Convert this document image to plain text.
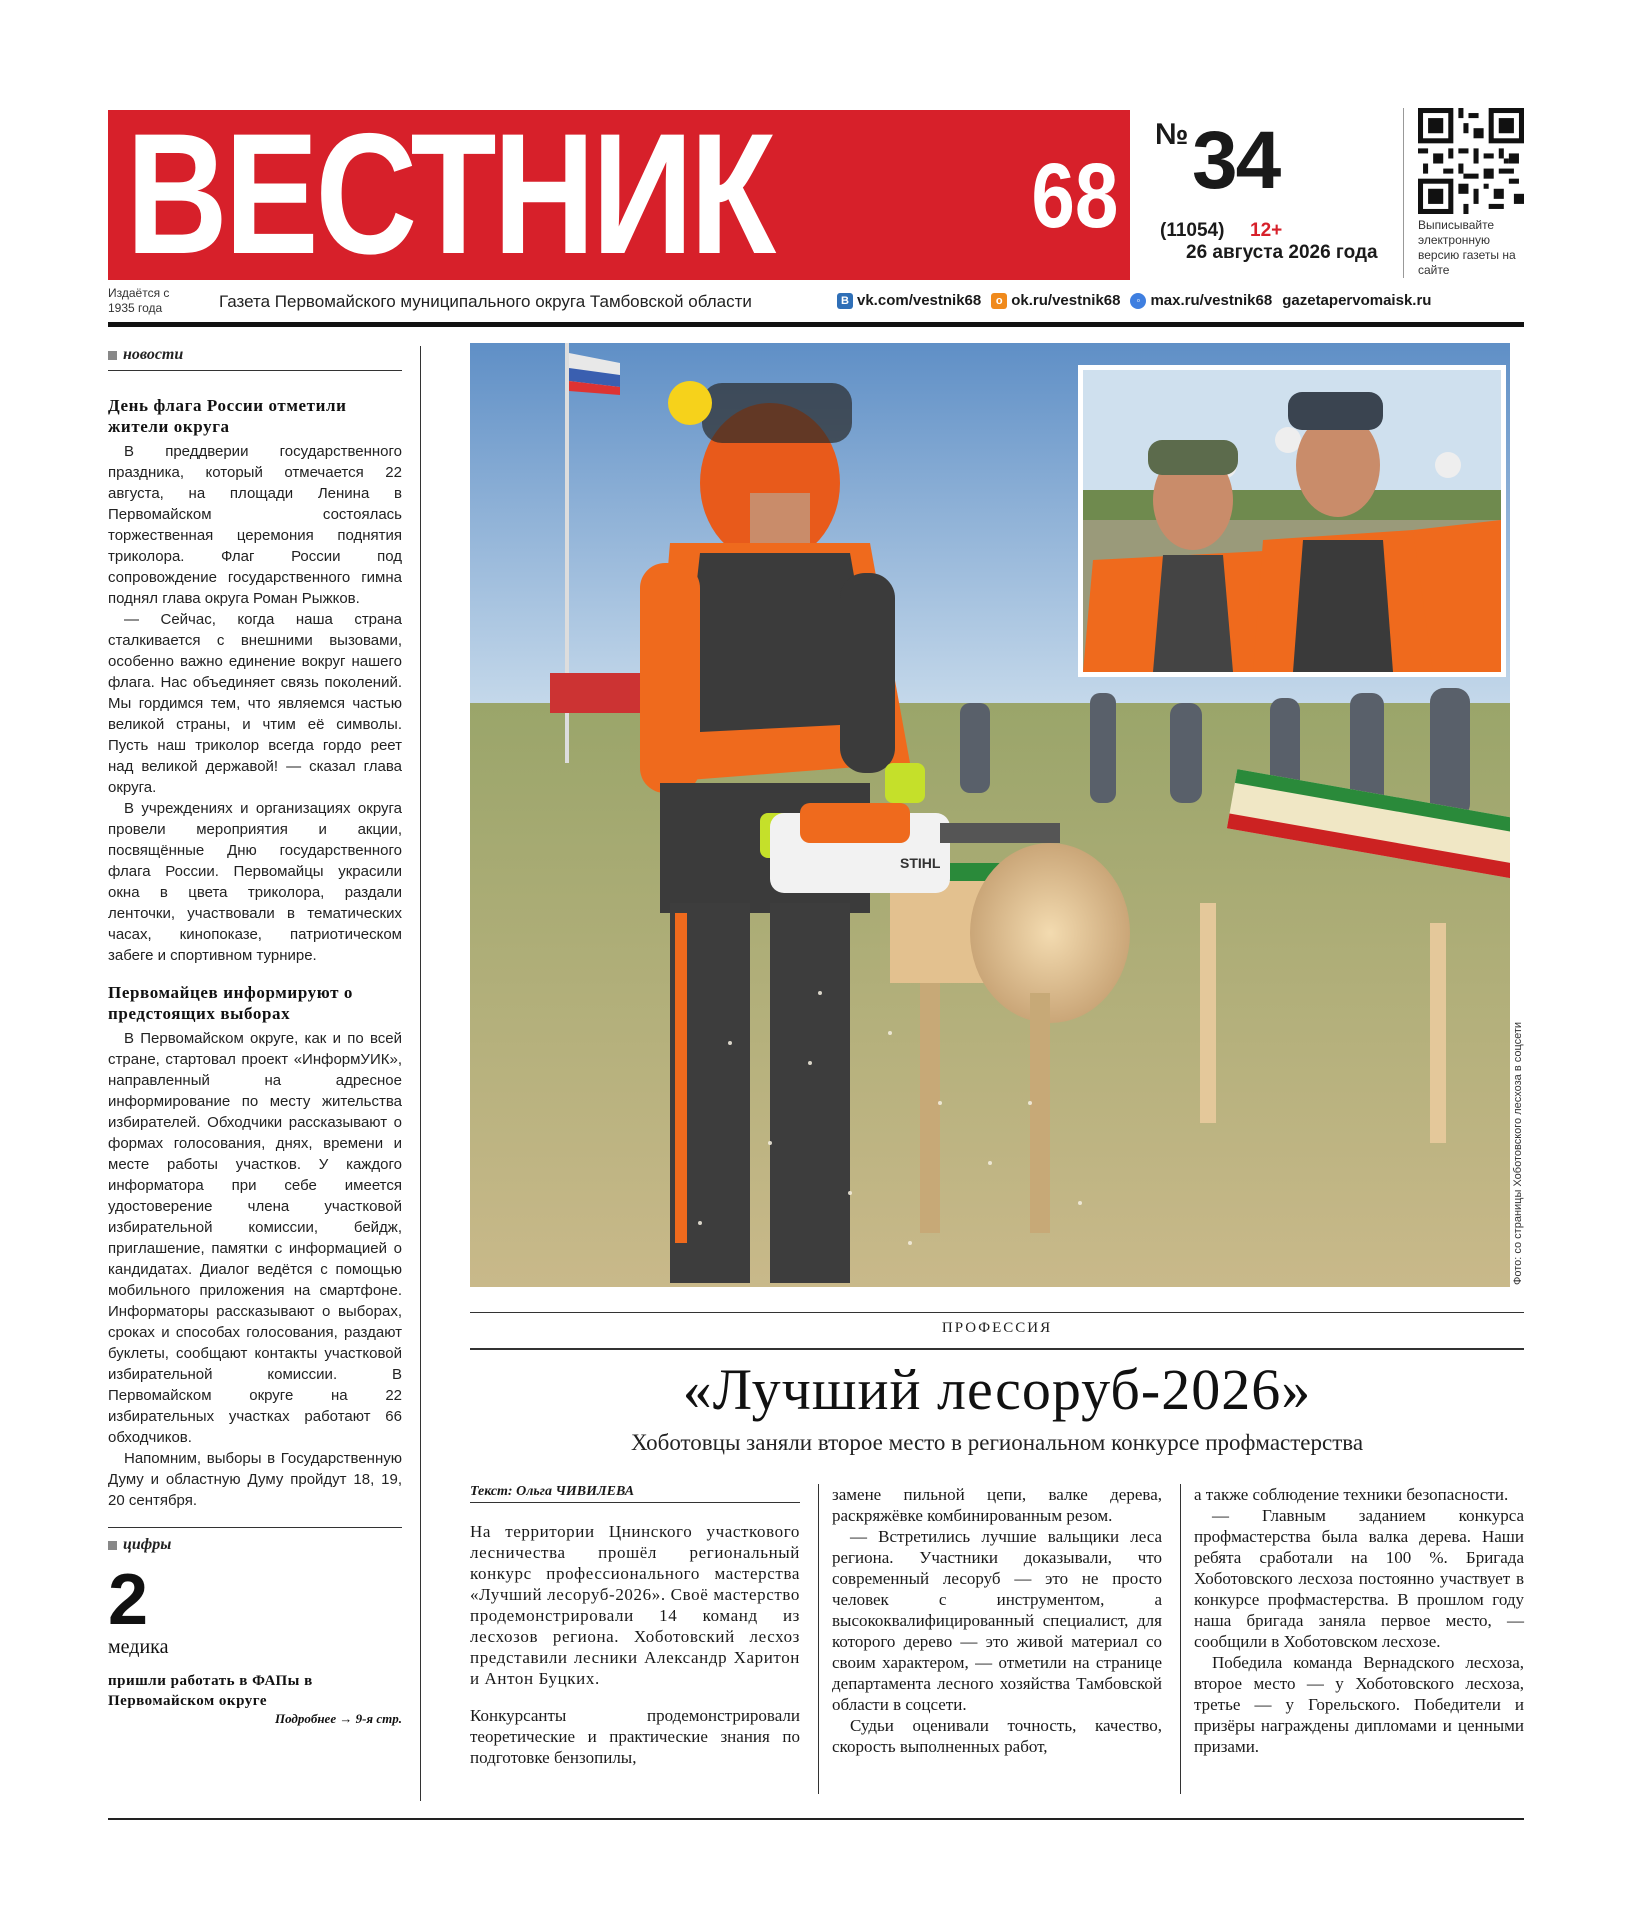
ВЕСТНИК	68
№ 34
(11054) 12+
26 августа 2026 года
Выписывайте электронную версию газеты на сайте
Издаётся с 1935 года	Газета Первомайского муниципального округа Тамбовской области	В vk.com/vestnik68	о ok.ru/vestnik68	◦ max.ru/vestnik68 gazetapervomaisk.ru
новости
День флага России отметили жители округа

В преддверии государственного праздника, который отмечается 22 августа, на площади Ленина в Первомайском состоялась торжественная церемония поднятия триколора. Флаг России под сопровождение государственного гимна поднял глава округа Роман Рыжков.

— Сейчас, когда наша страна сталкивается с внешними вызовами, особенно важно единение вокруг нашего флага. Нас объединяет связь поколений. Мы гордимся тем, что являемся частью великой страны, и чтим её символы. Пусть наш триколор всегда гордо реет над великой державой! — сказал глава округа.

В учреждениях и организациях округа провели мероприятия и акции, посвящённые Дню государственного флага России. Первомайцы украсили окна в цвета триколора, раздали ленточки, участвовали в тематических часах, кинопоказе, патриотическом забеге и спортивном турнире.

Первомайцев информируют о предстоящих выборах

В Первомайском округе, как и по всей стране, стартовал проект «ИнформУИК», направленный на адресное информирование по месту жительства избирателей. Обходчики рассказывают о формах голосования, днях, времени и месте работы участков. У каждого информатора при себе имеется удостоверение члена участковой избирательной комиссии, бейдж, приглашение, памятки с информацией о кандидатах. Диалог ведётся с помощью мобильного приложения на смартфоне. Информаторы рассказывают о выборах, сроках и способах голосования, раздают буклеты, сообщают контакты участковой избирательной комиссии. В Первомайском округе на 22 избирательных участках работают 66 обходчиков.

Напомним, выборы в Государственную Думу и областную Думу пройдут 18, 19, 20 сентября.

цифры
2
медика
пришли работать в ФАПы в Первомайском округе
Подробнее → 9-я стр.
STIHL
Фото: со страницы Хоботовского лесхоза в соцсети
ПРОФЕССИЯ
«Лучший лесоруб-2026»
Хоботовцы заняли второе место в региональном конкурсе профмастерства
Текст: Ольга ЧИВИЛЕВА

На территории Цнинского участкового лесничества прошёл региональный конкурс профессионального мастерства «Лучший лесоруб-2026». Своё мастерство продемонстрировали 14 команд из лесхозов региона. Хоботовский лесхоз представили лесники Александр Харитон и Антон Буцких.

Конкурсанты продемонстрировали теоретические и практические знания по подготовке бензопилы,

замене пильной цепи, валке дерева, раскряжёвке комбинированным резом.

— Встретились лучшие вальщики леса региона. Участники доказывали, что современный лесоруб — это не просто человек с инструментом, а высококвалифицированный специалист, для которого дерево — это живой материал со своим характером, — отметили на странице департамента лесного хозяйства Тамбовской области в соцсети.

Судьи оценивали точность, качество, скорость выполненных работ,

а также соблюдение техники безопасности.

— Главным заданием конкурса профмастерства была валка дерева. Наши ребята сработали на 100 %. Бригада Хоботовского лесхоза постоянно участвует в конкурсе профмастерства. В прошлом году наша бригада заняла первое место, — сообщили в Хоботовском лесхозе.

Победила команда Вернадского лесхоза, второе место — у Хоботовского лесхоза, третье — у Горельского. Победители и призёры награждены дипломами и ценными призами.
